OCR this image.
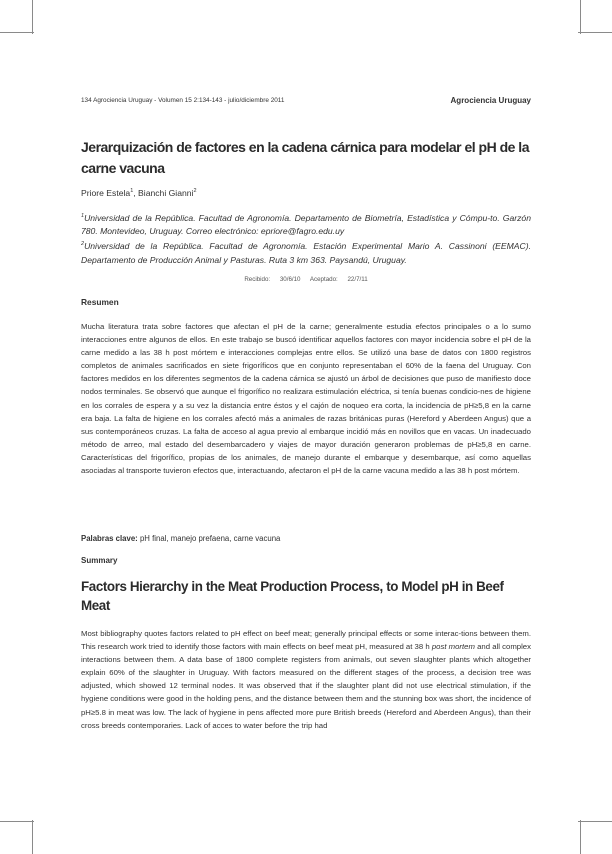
134 Agrociencia Uruguay - Volumen 15 2:134-143 - julio/diciembre 2011	Agrociencia Uruguay
Jerarquización de factores en la cadena cárnica para modelar el pH de la carne vacuna
Priore Estela$^1$, Bianchi Gianni$^2$
$^1$Universidad de la República. Facultad de Agronomía. Departamento de Biometría, Estadística y Cómpu-to. Garzón 780. Montevideo, Uruguay. Correo electrónico: epriore@fagro.edu.uy
$^2$Universidad de la República. Facultad de Agronomía. Estación Experimental Mario A. Cassinoni (EEMAC). Departamento de Producción Animal y Pasturas. Ruta 3 km 363. Paysandú, Uruguay.
Recibido: 30/6/10 Aceptado: 22/7/11
Resumen

Mucha literatura trata sobre factores que afectan el pH de la carne; generalmente estudia efectos principales o a lo sumo interacciones entre algunos de ellos. En este trabajo se buscó identificar aquellos factores con mayor incidencia sobre el pH de la carne medido a las 38 h post mórtem e interacciones complejas entre ellos. Se utilizó una base de datos con 1800 registros completos de animales sacrificados en siete frigoríficos que en conjunto representaban el 60% de la faena del Uruguay. Con factores medidos en los diferentes segmentos de la cadena cárnica se ajustó un árbol de decisiones que puso de manifiesto doce nodos terminales. Se observó que aunque el frigorífico no realizara estimulación eléctrica, si tenía buenas condicio-nes de higiene en los corrales de espera y a su vez la distancia entre éstos y el cajón de noqueo era corta, la incidencia de pH≥5,8 en la carne era baja. La falta de higiene en los corrales afectó más a animales de razas británicas puras (Hereford y Aberdeen Angus) que a sus contemporáneos cruzas. La falta de acceso al agua previo al embarque incidió más en novillos que en vacas. Un inadecuado método de arreo, mal estado del desembarcadero y viajes de mayor duración generaron problemas de pH≥5,8 en carne. Características del frigorífico, propias de los animales, de manejo durante el embarque y desembarque, así como aquellas asociadas al transporte tuvieron efectos que, interactuando, afectaron el pH de la carne vacuna medido a las 38 h post mórtem.

Palabras clave: pH final, manejo prefaena, carne vacuna
Summary
Factors Hierarchy in the Meat Production Process, to Model pH in Beef Meat

Most bibliography quotes factors related to pH effect on beef meat; generally principal effects or some interac-tions between them. This research work tried to identify those factors with main effects on beef meat pH, measured at 38 h post mortem and all complex interactions between them. A data base of 1800 complete registers from animals, out seven slaughter plants which altogether explain 60% of the slaughter in Uruguay. With factors measured on the different stages of the process, a decision tree was adjusted, which showed 12 terminal nodes. It was observed that if the slaughter plant did not use electrical stimulation, if the hygiene conditions were good in the holding pens, and the distance between them and the stunning box was short, the incidence of pH≥5.8 in meat was low. The lack of hygiene in pens affected more pure British breeds (Hereford and Aberdeen Angus), than their cross breeds contemporaries. Lack of acces to water before the trip had
